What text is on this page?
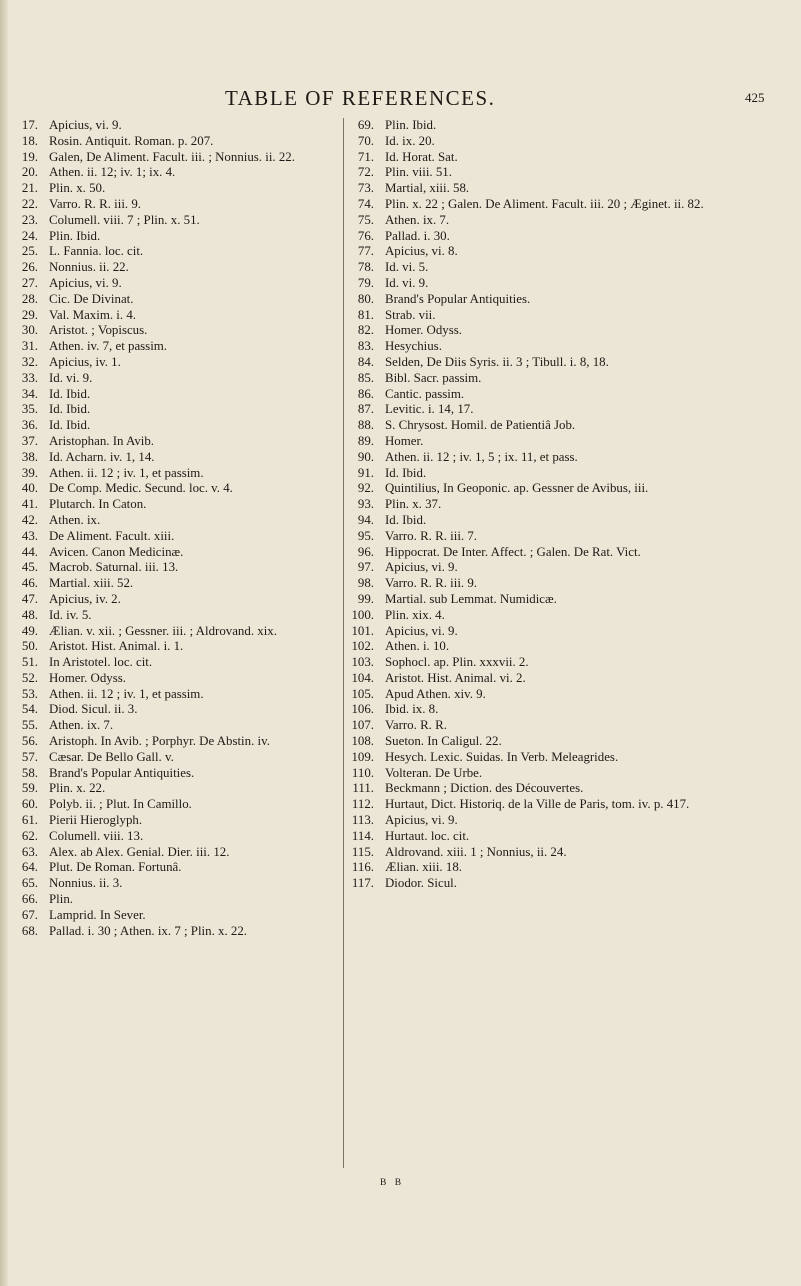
TABLE OF REFERENCES.	425
17. Apicius, vi. 9.
18. Rosin. Antiquit. Roman. p. 207.
19. Galen, De Aliment. Facult. iii. ; Nonnius. ii. 22.
20. Athen. ii. 12; iv. 1; ix. 4.
21. Plin. x. 50.
22. Varro. R. R. iii. 9.
23. Columell. viii. 7 ; Plin. x. 51.
24. Plin. Ibid.
25. L. Fannia. loc. cit.
26. Nonnius. ii. 22.
27. Apicius, vi. 9.
28. Cic. De Divinat.
29. Val. Maxim. i. 4.
30. Aristot. ; Vopiscus.
31. Athen. iv. 7, et passim.
32. Apicius, iv. 1.
33. Id. vi. 9.
34. Id. Ibid.
35. Id. Ibid.
36. Id. Ibid.
37. Aristophan. In Avib.
38. Id. Acharn. iv. 1, 14.
39. Athen. ii. 12 ; iv. 1, et passim.
40. De Comp. Medic. Secund. loc. v. 4.
41. Plutarch. In Caton.
42. Athen. ix.
43. De Aliment. Facult. xiii.
44. Avicen. Canon Medicinæ.
45. Macrob. Saturnal. iii. 13.
46. Martial. xiii. 52.
47. Apicius, iv. 2.
48. Id. iv. 5.
49. Ælian. v. xii. ; Gessner. iii. ; Aldrovand. xix.
50. Aristot. Hist. Animal. i. 1.
51. In Aristotel. loc. cit.
52. Homer. Odyss.
53. Athen. ii. 12 ; iv. 1, et passim.
54. Diod. Sicul. ii. 3.
55. Athen. ix. 7.
56. Aristoph. In Avib. ; Porphyr. De Abstin. iv.
57. Cæsar. De Bello Gall. v.
58. Brand's Popular Antiquities.
59. Plin. x. 22.
60. Polyb. ii. ; Plut. In Camillo.
61. Pierii Hieroglyph.
62. Columell. viii. 13.
63. Alex. ab Alex. Genial. Dier. iii. 12.
64. Plut. De Roman. Fortunâ.
65. Nonnius. ii. 3.
66. Plin.
67. Lamprid. In Sever.
68. Pallad. i. 30 ; Athen. ix. 7 ; Plin. x. 22.
69. Plin. Ibid.
70. Id. ix. 20.
71. Id. Horat. Sat.
72. Plin. viii. 51.
73. Martial, xiii. 58.
74. Plin. x. 22 ; Galen. De Aliment. Facult. iii. 20 ; Æginet. ii. 82.
75. Athen. ix. 7.
76. Pallad. i. 30.
77. Apicius, vi. 8.
78. Id. vi. 5.
79. Id. vi. 9.
80. Brand's Popular Antiquities.
81. Strab. vii.
82. Homer. Odyss.
83. Hesychius.
84. Selden, De Diis Syris. ii. 3 ; Tibull. i. 8, 18.
85. Bibl. Sacr. passim.
86. Cantic. passim.
87. Levitic. i. 14, 17.
88. S. Chrysost. Homil. de Patientiâ Job.
89. Homer.
90. Athen. ii. 12 ; iv. 1, 5 ; ix. 11, et pass.
91. Id. Ibid.
92. Quintilius, In Geoponic. ap. Gessner de Avibus, iii.
93. Plin. x. 37.
94. Id. Ibid.
95. Varro. R. R. iii. 7.
96. Hippocrat. De Inter. Affect. ; Galen. De Rat. Vict.
97. Apicius, vi. 9.
98. Varro. R. R. iii. 9.
99. Martial. sub Lemmat. Numidicæ.
100. Plin. xix. 4.
101. Apicius, vi. 9.
102. Athen. i. 10.
103. Sophocl. ap. Plin. xxxvii. 2.
104. Aristot. Hist. Animal. vi. 2.
105. Apud Athen. xiv. 9.
106. Ibid. ix. 8.
107. Varro. R. R.
108. Sueton. In Caligul. 22.
109. Hesych. Lexic. Suidas. In Verb. Meleagrides.
110. Volteran. De Urbe.
111. Beckmann ; Diction. des Découvertes.
112. Hurtaut, Dict. Historiq. de la Ville de Paris, tom. iv. p. 417.
113. Apicius, vi. 9.
114. Hurtaut. loc. cit.
115. Aldrovand. xiii. 1 ; Nonnius, ii. 24.
116. Ælian. xiii. 18.
117. Diodor. Sicul.
B B
